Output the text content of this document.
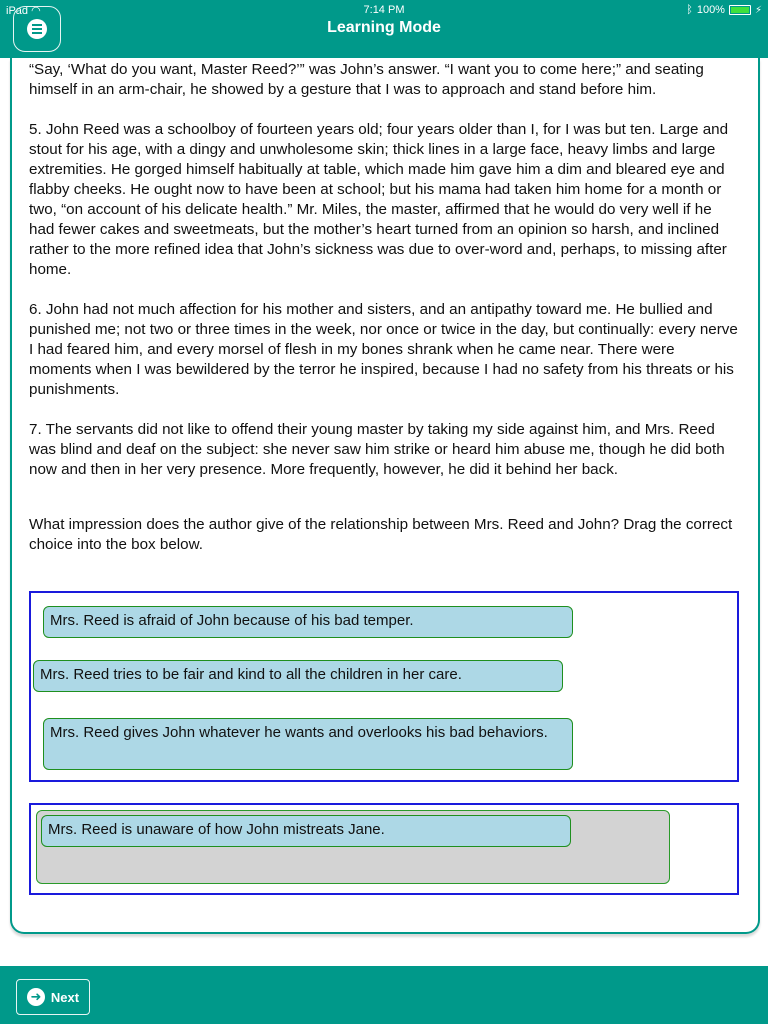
iPad ◠	7:14 PM	ᛒ 100%	⚡
Learning Mode

“Say, ‘What do you want, Master Reed?’” was John’s answer. “I want you to come here;” and seating himself in an arm-chair, he showed by a gesture that I was to approach and stand before him.

5. John Reed was a schoolboy of fourteen years old; four years older than I, for I was but ten. Large and stout for his age, with a dingy and unwholesome skin; thick lines in a large face, heavy limbs and large extremities. He gorged himself habitually at table, which made him gave him a dim and bleared eye and flabby cheeks. He ought now to have been at school; but his mama had taken him home for a month or two, “on account of his delicate health.” Mr. Miles, the master, affirmed that he would do very well if he had fewer cakes and sweetmeats, but the mother’s heart turned from an opinion so harsh, and inclined rather to the more refined idea that John’s sickness was due to over-word and, perhaps, to missing after home.

6. John had not much affection for his mother and sisters, and an antipathy toward me. He bullied and punished me; not two or three times in the week, nor once or twice in the day, but continually: every nerve I had feared him, and every morsel of flesh in my bones shrank when he came near. There were moments when I was bewildered by the terror he inspired, because I had no safety from his threats or his punishments.

7. The servants did not like to offend their young master by taking my side against him, and Mrs. Reed was blind and deaf on the subject: she never saw him strike or heard him abuse me, though he did both now and then in her very presence. More frequently, however, he did it behind her back.

What impression does the author give of the relationship between Mrs. Reed and John? Drag the correct choice into the box below.
Mrs. Reed is afraid of John because of his bad temper.
Mrs. Reed tries to be fair and kind to all the children in her care.
Mrs. Reed gives John whatever he wants and overlooks his bad behaviors.
Mrs. Reed is unaware of how John mistreats Jane.
➜ Next
